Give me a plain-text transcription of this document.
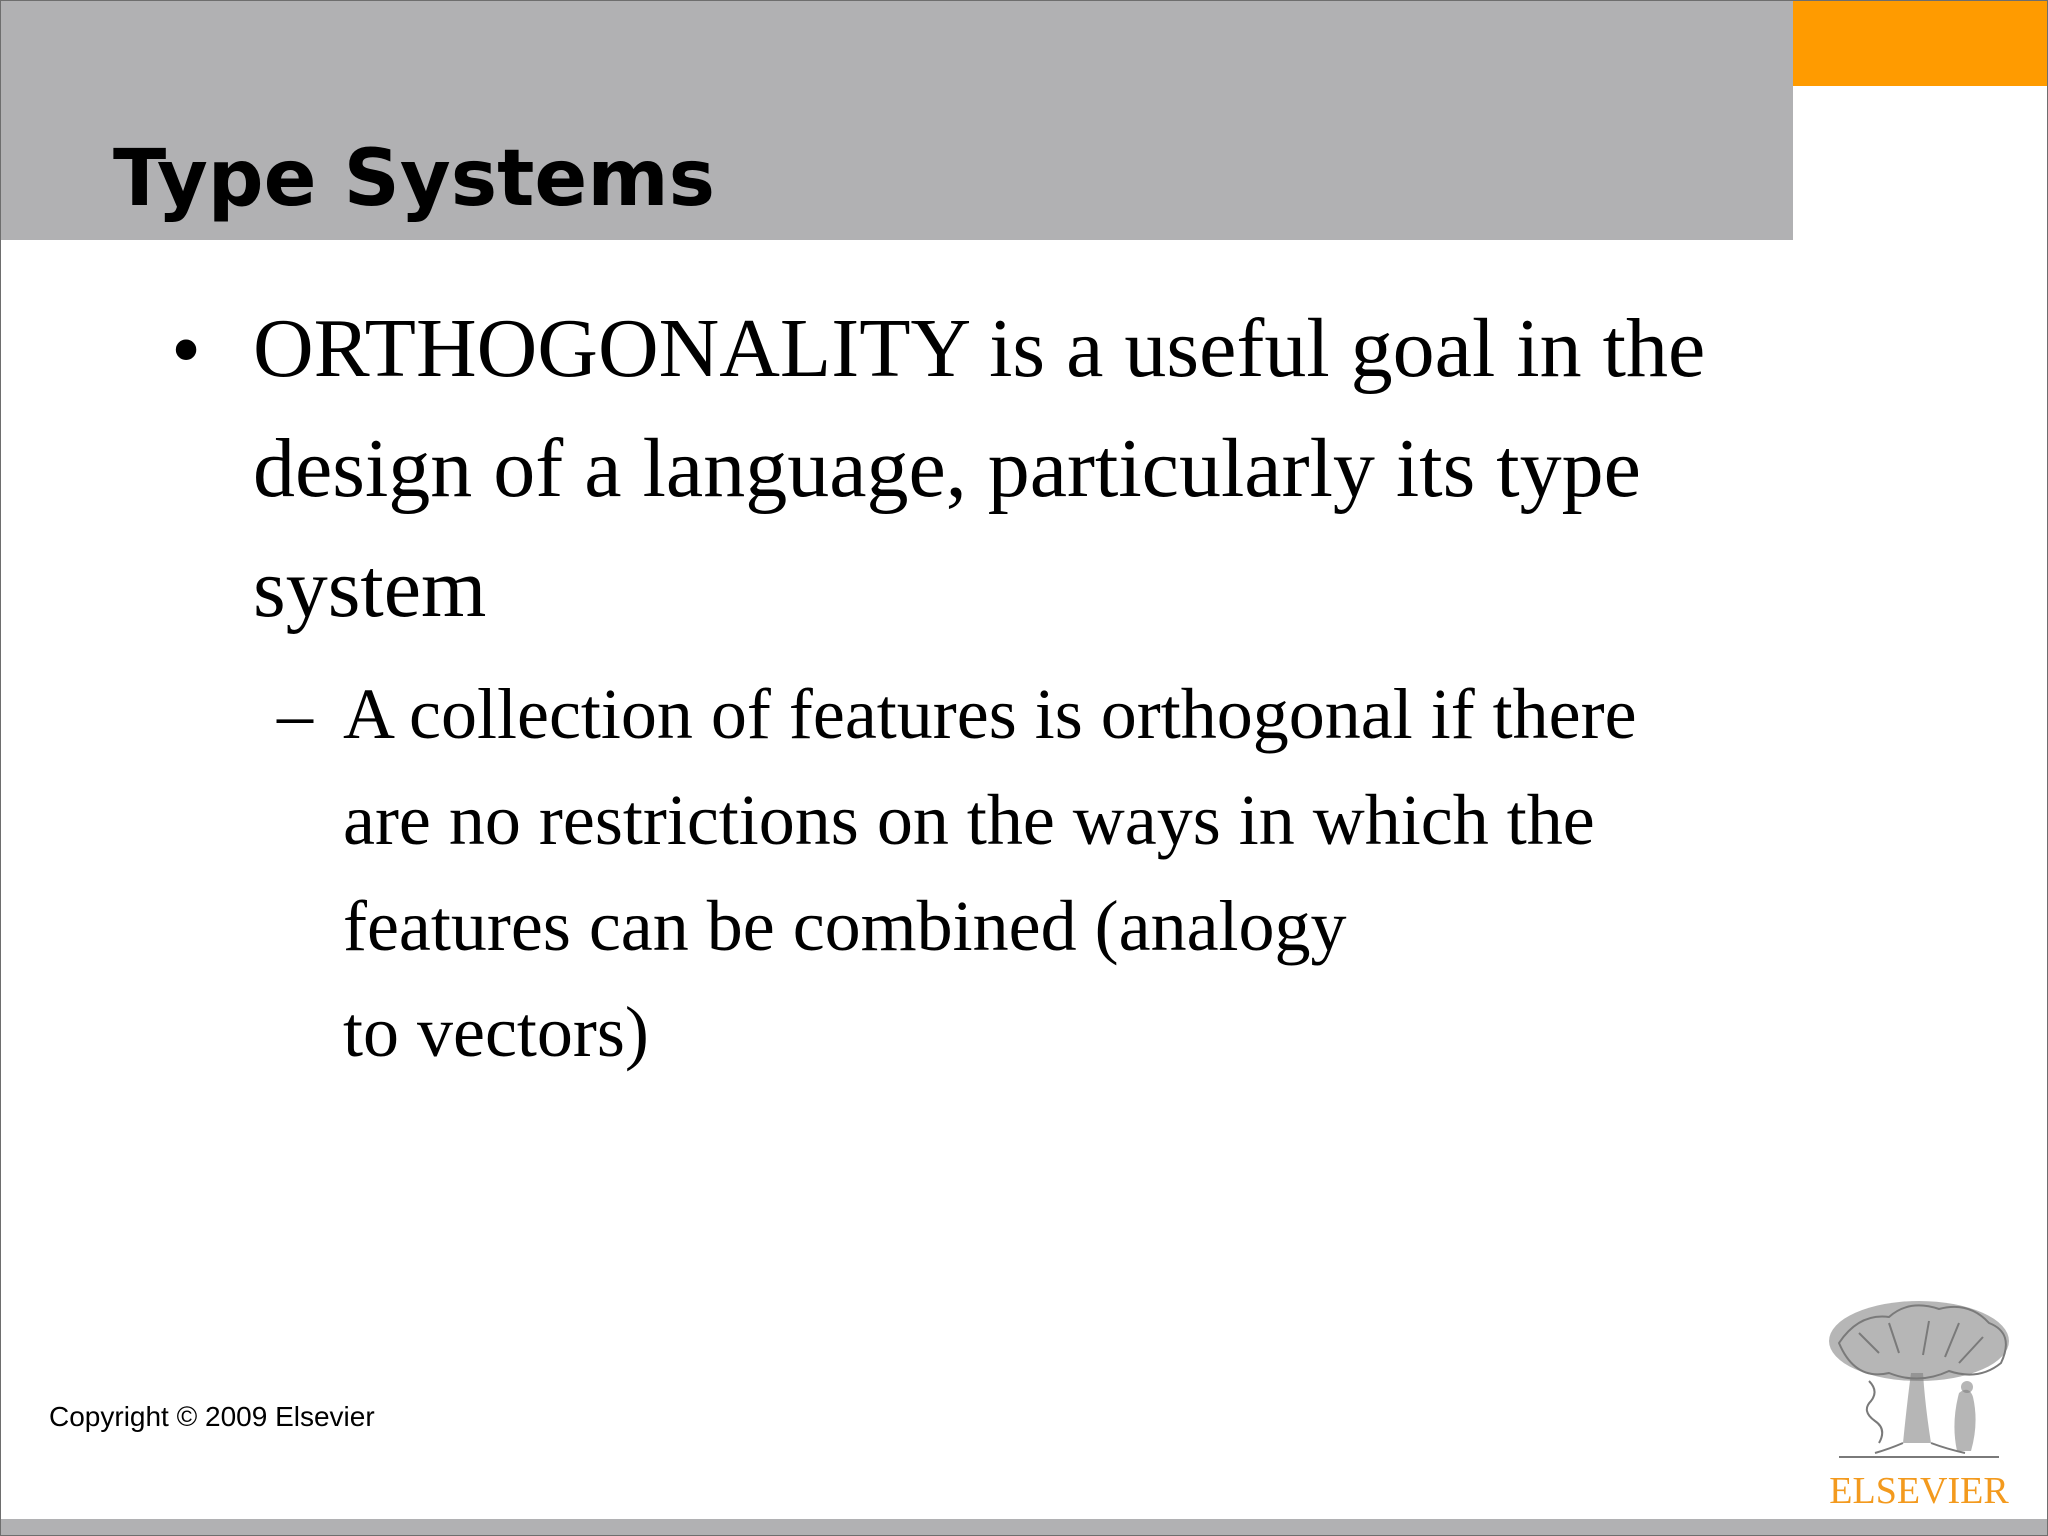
Type Systems
• ORTHOGONALITY is a useful goal in the
design of a language, particularly its type
system
– A collection of features is orthogonal if there
are no restrictions on the ways in which the
features can be combined (analogy
to vectors)
Copyright © 2009 Elsevier
ELSEVIER
